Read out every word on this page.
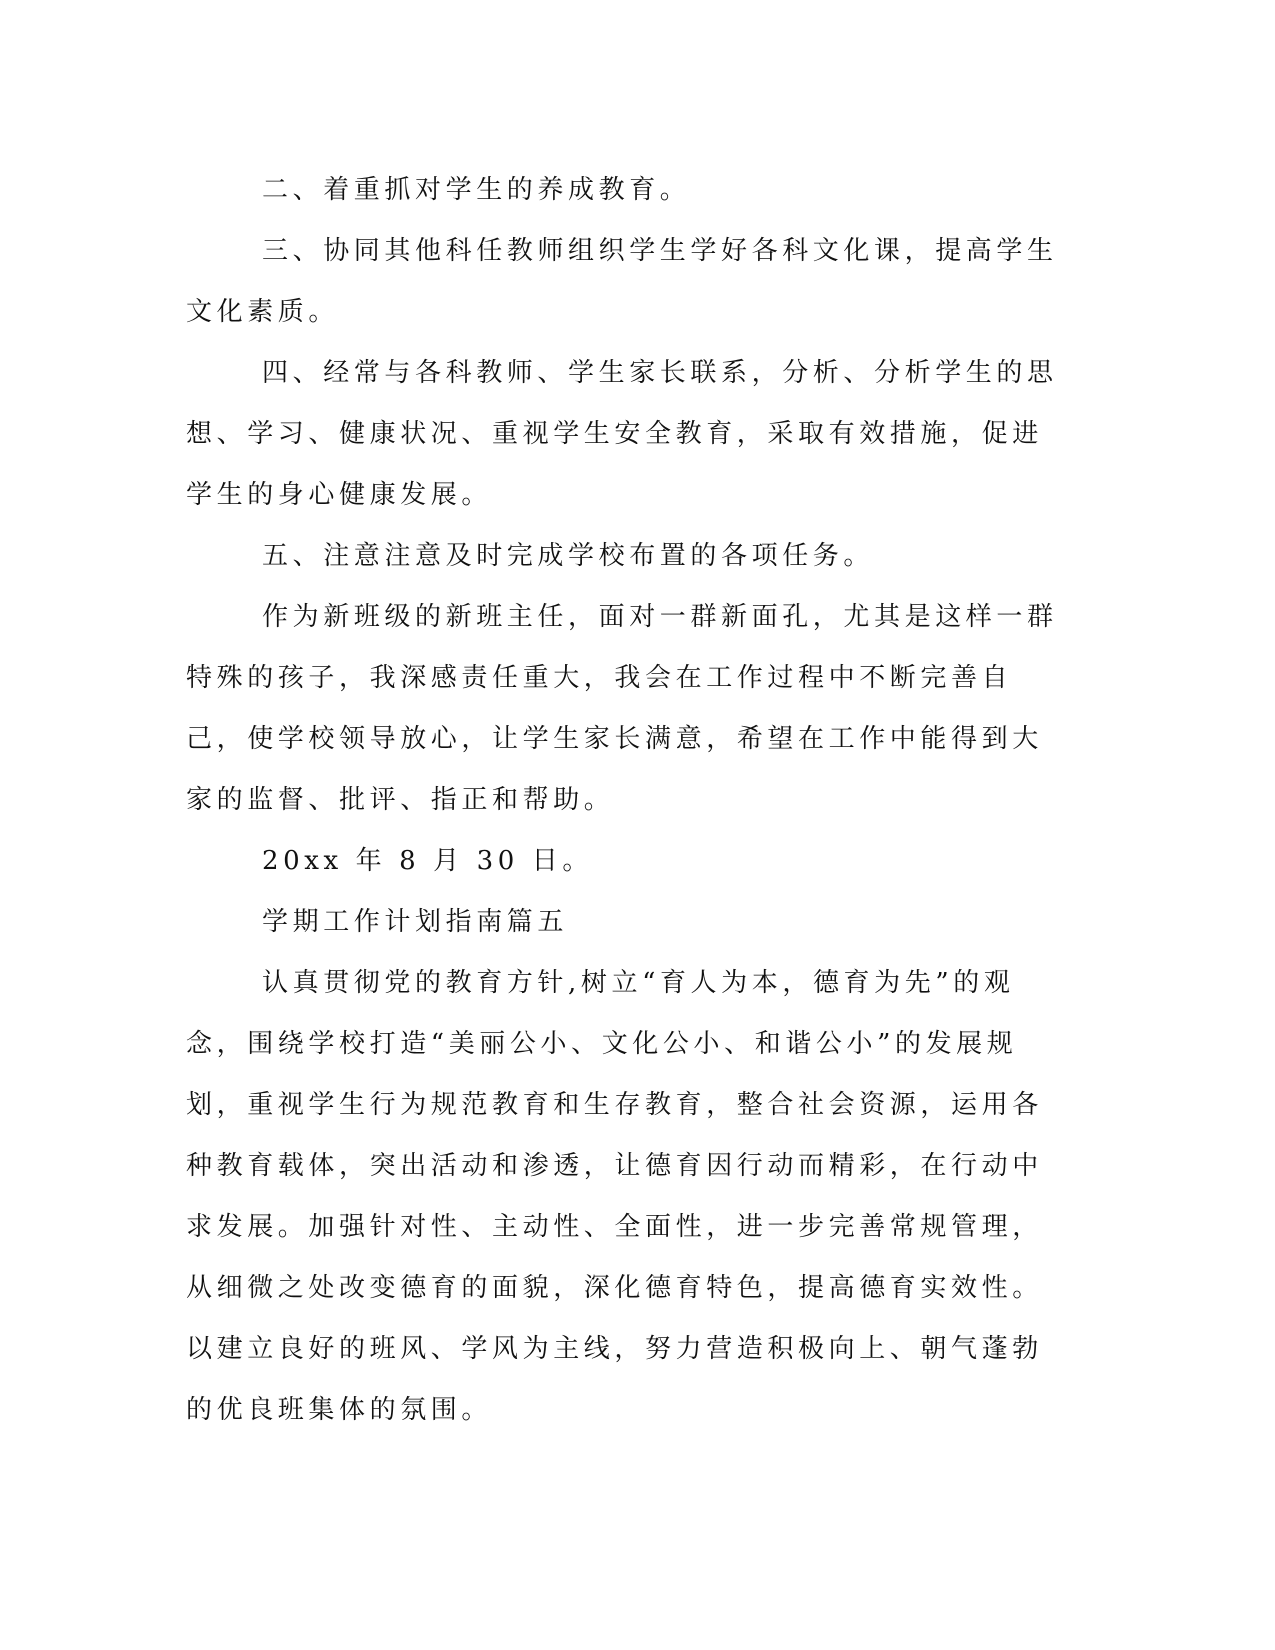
二、着重抓对学生的养成教育。

三、协同其他科任教师组织学生学好各科文化课，提高学生文化素质。

四、经常与各科教师、学生家长联系，分析、分析学生的思想、学习、健康状况、重视学生安全教育，采取有效措施，促进学生的身心健康发展。

五、注意注意及时完成学校布置的各项任务。

作为新班级的新班主任，面对一群新面孔，尤其是这样一群特殊的孩子，我深感责任重大，我会在工作过程中不断完善自己，使学校领导放心，让学生家长满意，希望在工作中能得到大家的监督、批评、指正和帮助。

20xx 年 8 月 30 日。

学期工作计划指南篇五

认真贯彻党的教育方针,树立“育人为本，德育为先”的观念，围绕学校打造“美丽公小、文化公小、和谐公小”的发展规划，重视学生行为规范教育和生存教育，整合社会资源，运用各种教育载体，突出活动和渗透，让德育因行动而精彩，在行动中求发展。加强针对性、主动性、全面性，进一步完善常规管理，从细微之处改变德育的面貌，深化德育特色，提高德育实效性。以建立良好的班风、学风为主线，努力营造积极向上、朝气蓬勃的优良班集体的氛围。
